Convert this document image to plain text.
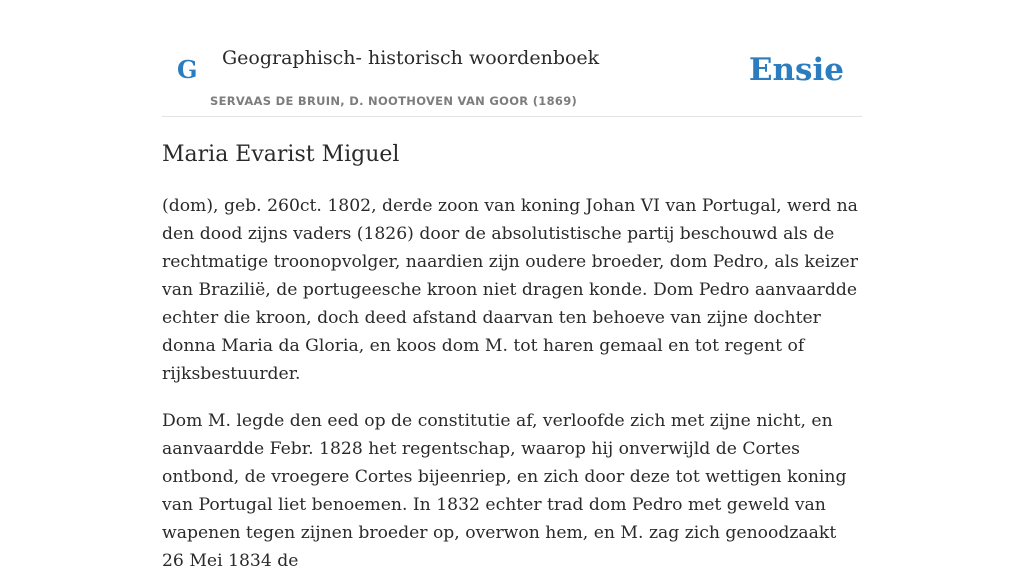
G Geographisch- historisch woordenboek
SERVAAS DE BRUIN, D. NOOTHOVEN VAN GOOR (1869)
Ensie
Maria Evarist Miguel

(dom), geb. 260ct. 1802, derde zoon van koning Johan VI van Portugal, werd na den dood zijns vaders (1826) door de absolutistische partij beschouwd als de rechtmatige troonopvolger, naardien zijn oudere broeder, dom Pedro, als keizer van Brazilië, de portugeesche kroon niet dragen konde. Dom Pedro aanvaardde echter die kroon, doch deed afstand daarvan ten behoeve van zijne dochter donna Maria da Gloria, en koos dom M. tot haren gemaal en tot regent of rijksbestuurder.

Dom M. legde den eed op de constitutie af, verloofde zich met zijne nicht, en aanvaardde Febr. 1828 het regentschap, waarop hij onverwijld de Cortes ontbond, de vroegere Cortes bijeenriep, en zich door deze tot wettigen koning van Portugal liet benoemen. In 1832 echter trad dom Pedro met geweld van wapenen tegen zijnen broeder op, overwon hem, en M. zag zich genoodzaakt 26 Mei 1834 de
